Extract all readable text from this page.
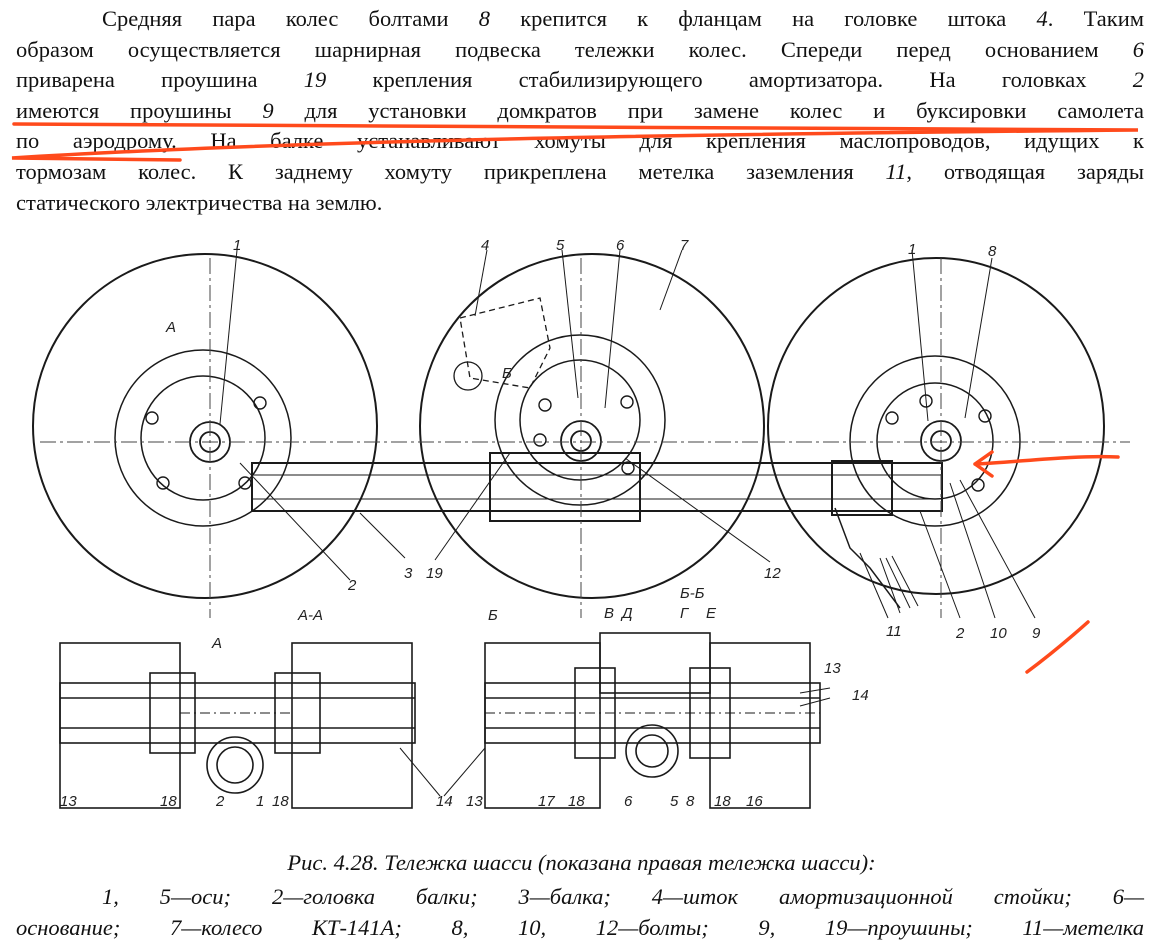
Средняя пара колес болтами 8 крепится к фланцам на головке штока 4. Таким
образом осуществляется шарнирная подвеска тележки колес. Спереди перед основанием 6
приварена проушина 19 крепления стабилизирующего амортизатора. На головках 2
имеются проушины 9 для установки домкратов при замене колес и буксировки самолета
по аэродрому. На балке устанавливают хомуты для крепления маслопроводов, идущих к
тормозам колес. К заднему хомуту прикреплена метелка заземления 11, отводящая заряды
статического электричества на землю.
1	4	5	6	7	1	8
2
3 19	12
11	2 10 9
А-А
А
А
Б-Б
Б
Б	В Д	Г Е
13	18	2 1 18	14 13	17 18	6	5 8 18 16
13
14
Рис. 4.28. Тележка шасси (показана правая тележка шасси):
1, 5—оси; 2—головка балки; 3—балка; 4—шток амортизационной стойки; 6—
основание; 7—колесо КТ-141А; 8, 10, 12—болты; 9, 19—проушины; 11—метелка
